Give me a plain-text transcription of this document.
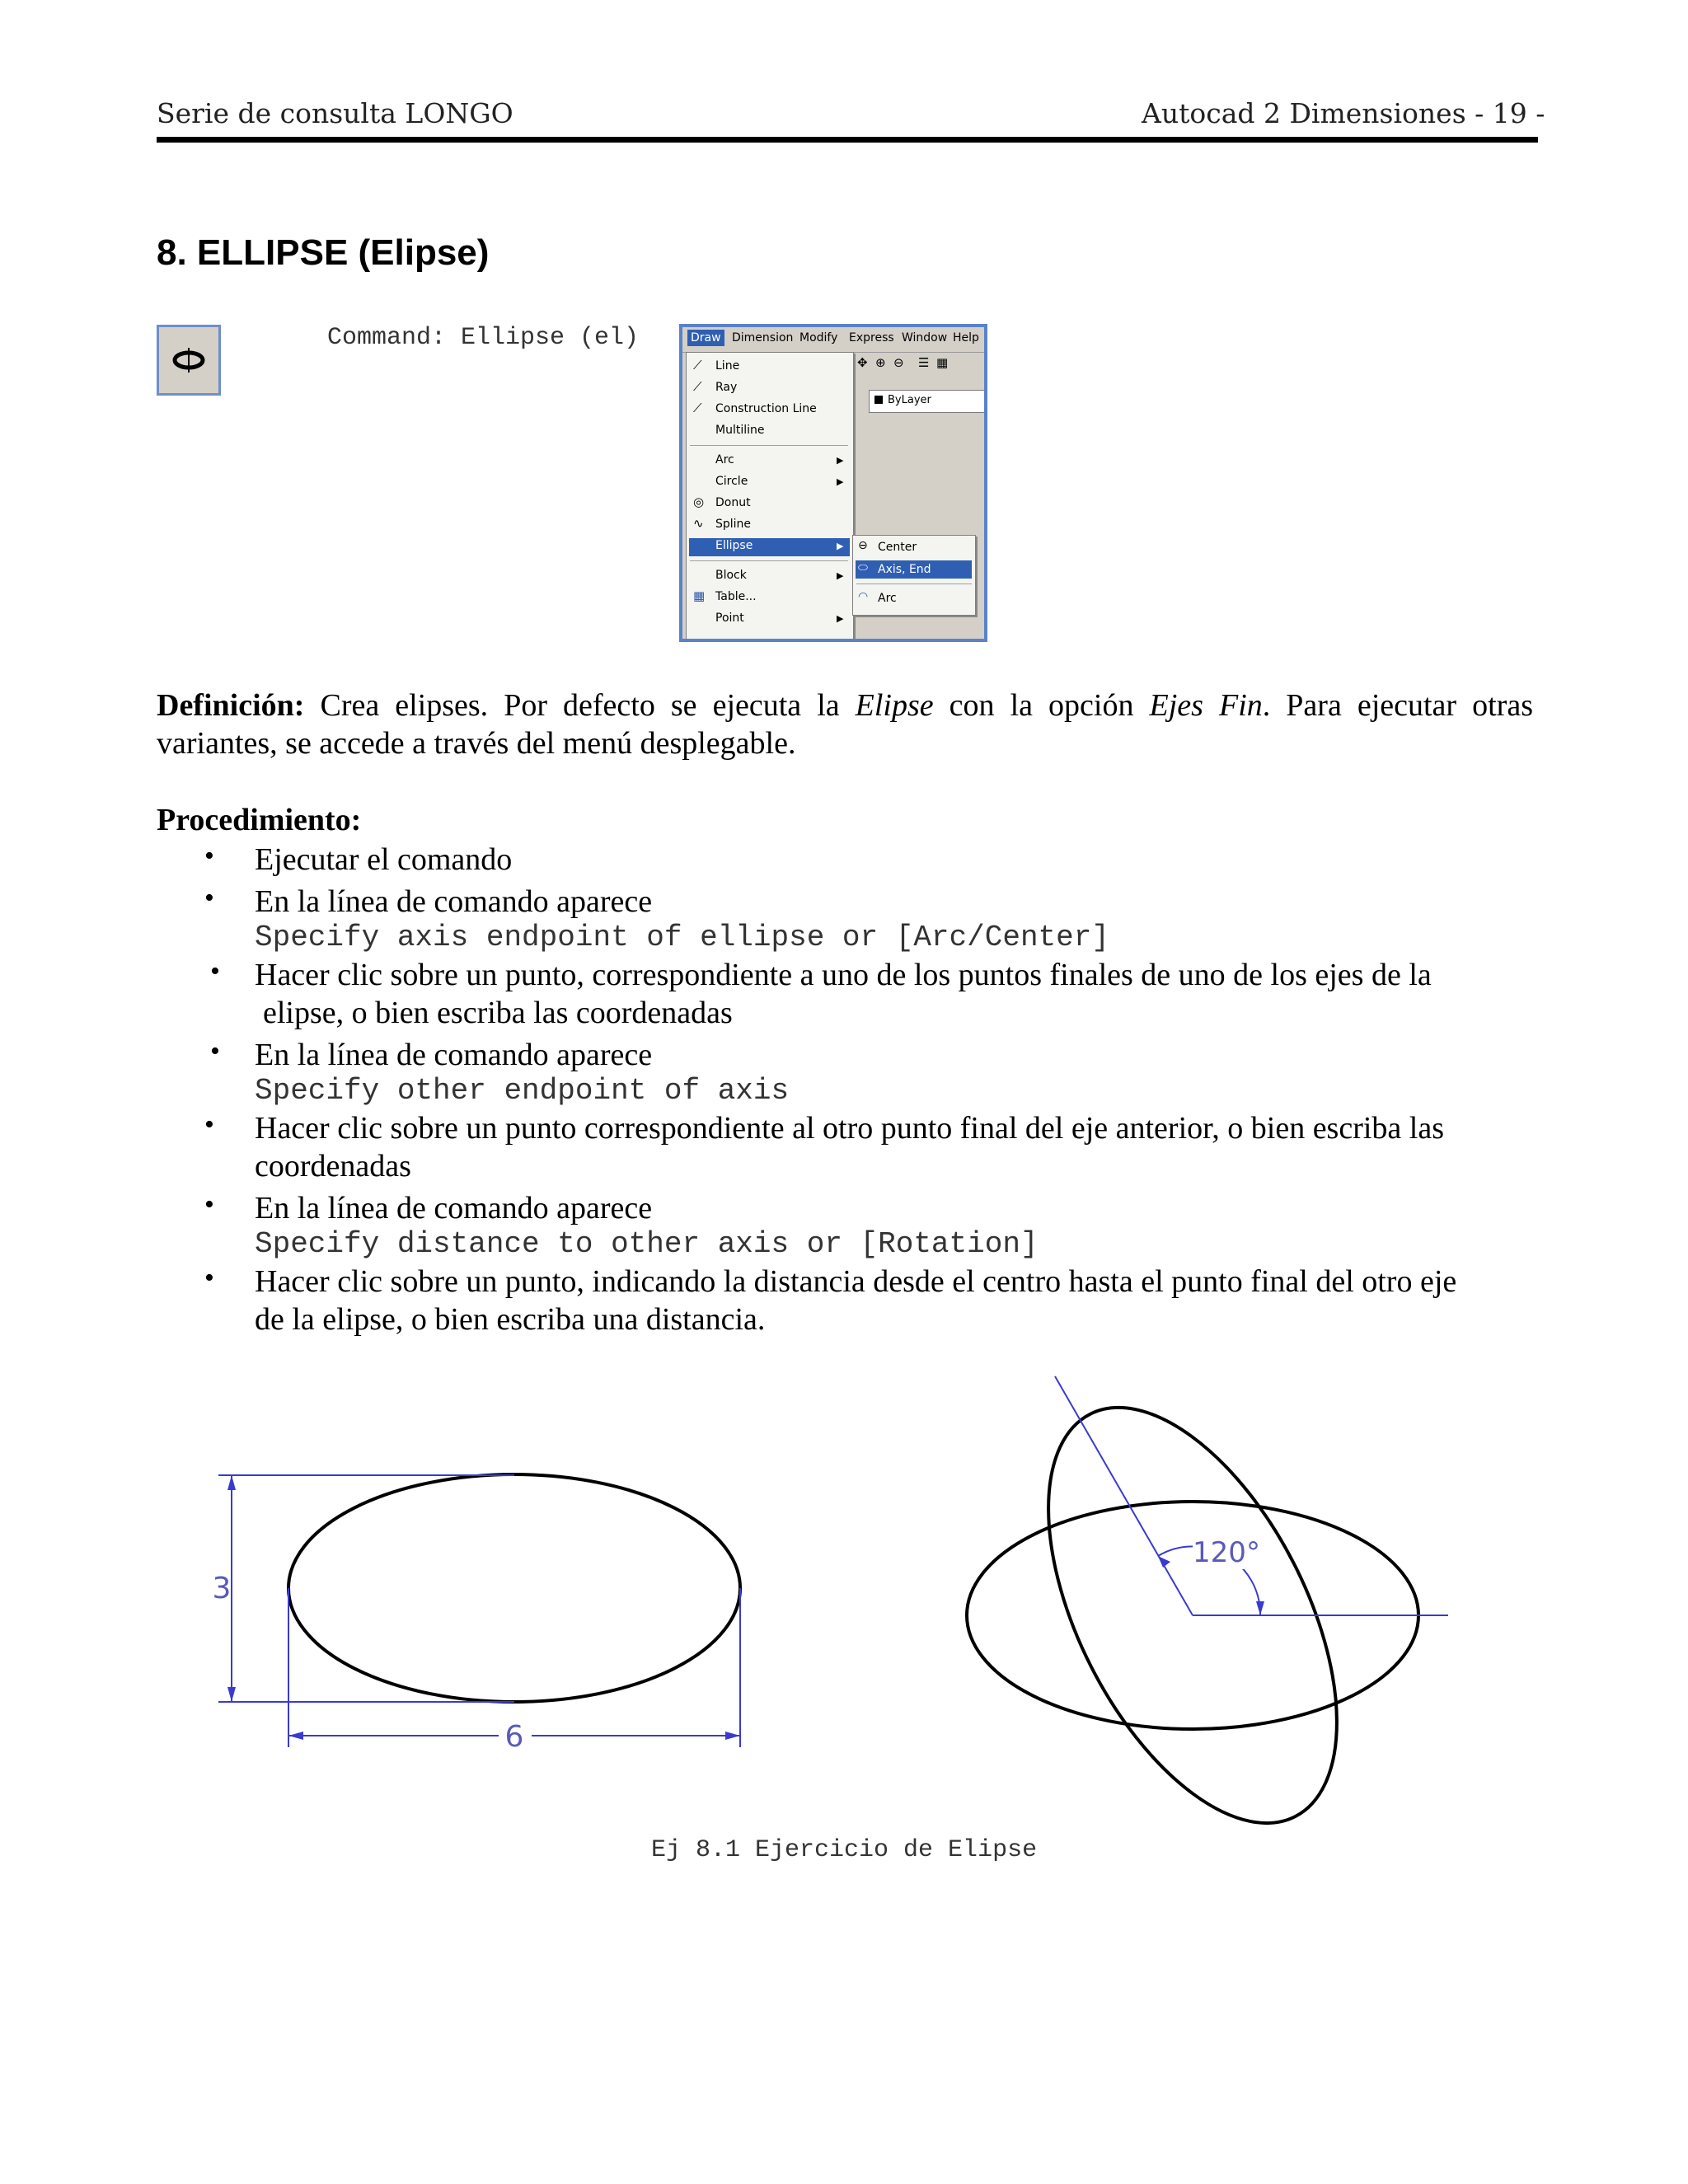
Serie de consulta LONGO	Autocad 2 Dimensiones - 19 -
8. ELLIPSE (Elipse)
Command: Ellipse (el)	Draw Dimension Modify Express Window Help
✥ ⊕ ⊖ ☰ ▦
ByLayer
⟋ Line
⟋ Ray
⟋ Construction Line
Multiline
Arc	▶
Circle	▶
◎ Donut
∿ Spline
Ellipse	▶
Block	▶
▦ Table...
Point	▶
⊖ Center
⬭ Axis, End
◠ Arc
Definición: Crea elipses. Por defecto se ejecuta la Elipse con la opción Ejes Fin. Para ejecutar otras
variantes, se accede a través del menú desplegable.
Procedimiento:
• Ejecutar el comando
• En la línea de comando aparece
Specify axis endpoint of ellipse or [Arc/Center]
• Hacer clic sobre un punto, correspondiente a uno de los puntos finales de uno de los ejes de la
elipse, o bien escriba las coordenadas
• En la línea de comando aparece
Specify other endpoint of axis
• Hacer clic sobre un punto correspondiente al otro punto final del eje anterior, o bien escriba las
coordenadas
• En la línea de comando aparece
Specify distance to other axis or [Rotation]
• Hacer clic sobre un punto, indicando la distancia desde el centro hasta el punto final del otro eje
de la elipse, o bien escriba una distancia.
3
6
120°
Ej 8.1 Ejercicio de Elipse
